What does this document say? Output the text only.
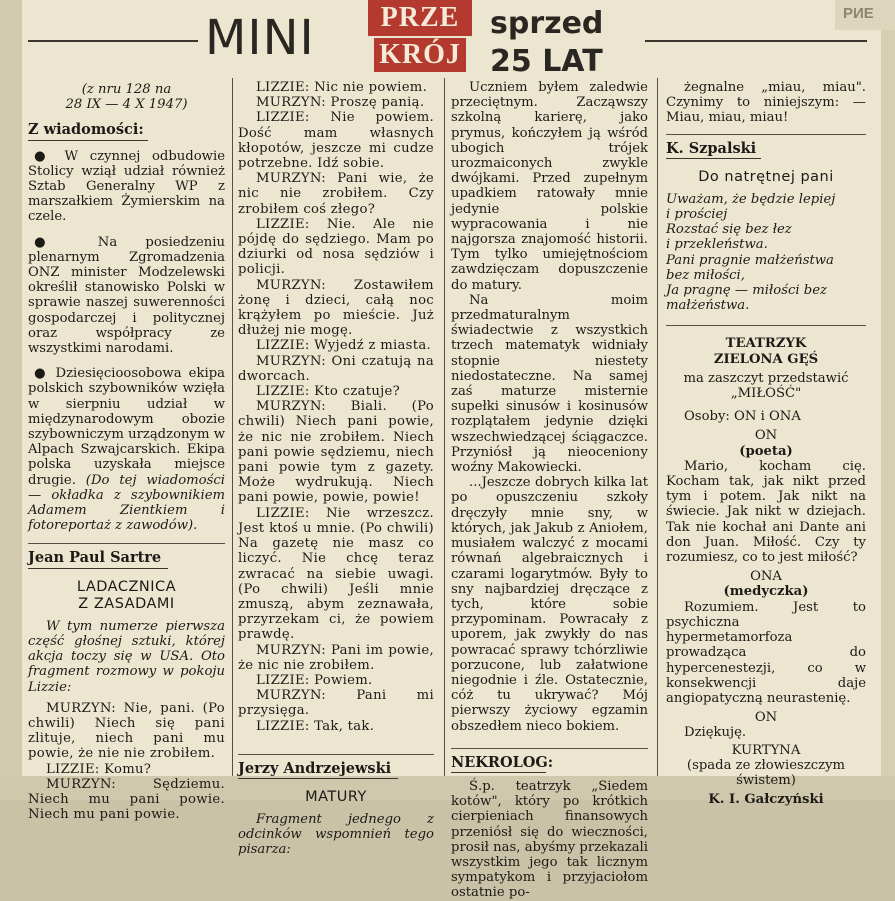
РИЕ
MINI	PRZE
KRÓJ
sprzed
25 LAT

(z nru 128 na

28 IX — 4 X 1947)

Z wiadomości:

● W czynnej odbudowie Stolicy wziął udział również Sztab Generalny WP z marszałkiem Żymierskim na czele.

● Na posiedzeniu plenarnym Zgromadzenia ONZ minister Modzelewski określił stanowisko Polski w sprawie naszej suwerenności gospodarczej i politycznej oraz współpracy ze wszystkimi narodami.

● Dziesięcioosobowa ekipa polskich szybowników wzięła w sierpniu udział w międzynarodowym obozie szybowniczym urządzonym w Alpach Szwajcarskich. Ekipa polska uzyskała miejsce drugie. (Do tej wiadomości — okładka z szybownikiem Adamem Zientkiem i fotoreportaż z zawodów).

Jean Paul Sartre
LADACZNICA
Z ZASADAMI

W tym numerze pierwsza część głośnej sztuki, której akcja toczy się w USA. Oto fragment rozmowy w pokoju Lizzie:

MURZYN: Nie, pani. (Po chwili) Niech się pani zlituje, niech pani mu powie, że nie nie zrobiłem.

LIZZIE: Komu?

MURZYN: Sędziemu. Niech mu pani powie. Niech mu pani powie.

LIZZIE: Nic nie powiem.

MURZYN: Proszę panią.

LIZZIE: Nie powiem. Dość mam własnych kłopotów, jeszcze mi cudze potrzebne. Idź sobie.

MURZYN: Pani wie, że nic nie zrobiłem. Czy zrobiłem coś złego?

LIZZIE: Nie. Ale nie pójdę do sędziego. Mam po dziurki od nosa sędziów i policji.

MURZYN: Zostawiłem żonę i dzieci, całą noc krążyłem po mieście. Już dłużej nie mogę.

LIZZIE: Wyjedź z miasta.

MURZYN: Oni czatują na dworcach.

LIZZIE: Kto czatuje?

MURZYN: Biali. (Po chwili) Niech pani powie, że nic nie zrobiłem. Niech pani powie sędziemu, niech pani powie tym z gazety. Może wydrukują. Niech pani powie, powie, powie!

LIZZIE: Nie wrzeszcz. Jest ktoś u mnie. (Po chwili) Na gazetę nie masz co liczyć. Nie chcę teraz zwracać na siebie uwagi. (Po chwili) Jeśli mnie zmuszą, abym zeznawała, przyrzekam ci, że powiem prawdę.

MURZYN: Pani im powie, że nic nie zrobiłem.

LIZZIE: Powiem.

MURZYN: Pani mi przysięga.

LIZZIE: Tak, tak.

Jerzy Andrzejewski
MATURY

Fragment jednego z odcinków wspomnień tego pisarza:

Uczniem byłem zaledwie przeciętnym. Zacząwszy szkolną karierę, jako prymus, kończyłem ją wśród ubogich trójek urozmaiconych zwykle dwójkami. Przed zupełnym upadkiem ratowały mnie jedynie polskie wypracowania i nie najgorsza znajomość historii. Tym tylko umiejętnościom zawdzięczam dopuszczenie do matury.

Na moim przedmaturalnym świadectwie z wszystkich trzech matematyk widniały stopnie niestety niedostateczne. Na samej zaś maturze misternie supełki sinusów i kosinusów rozplątałem jedynie dzięki wszechwiedzącej ściągaczce. Przyniósł ją nieocenionу woźny Makowiecki.

...Jeszcze dobrych kilka lat po opuszczeniu szkoły dręczyły mnie sny, w których, jak Jakub z Aniołem, musiałem walczyć z mocami równań algebraicznych i czarami logarytmów. Były to sny najbardziej dręczące z tych, które sobie przypominam. Powracały z uporem, jak zwykły do nas powracać sprawy tchórzliwie porzucone, lub załatwione niegodnie i źle. Ostatecznie, cóż tu ukrywać? Mój pierwszy życiowy egzamin obszedłem nieco bokiem.

NEKROLOG:

Ś.p. teatrzyk „Siedem kotów", który po krótkich cierpieniach finansowych przeniósł się do wieczności, prosił nas, abyśmy przekazali wszystkim jego tak licznym sympatykom i przyjaciołom ostatnie po-

żegnalne „miau, miau". Czynimy to niniejszym: — Miau, miau, miau!

K. Szpalski
Do natrętnej pani

Uważam, że będzie lepiej

i prościej

Rozstać się bez łez

i przekleństwa.

Pani pragnie małżeństwa

bez miłości,

Ja pragnę — miłości bez

małżeństwa.

TEATRZYK

ZIELONA GĘŚ

ma zaszczyt przedstawić

„MIŁOŚĆ"

Osoby: ON i ONA

ON

(poeta)

Mario, kocham cię. Kocham tak, jak nikt przed tym i potem. Jak nikt na świecie. Jak nikt w dziejach. Tak nie kochał ani Dante ani don Juan. Miłość. Czy ty rozumiesz, co to jest miłość?

ONA

(medyczka)

Rozumiem. Jest to psychiczna hypermetamorfoza prowadząca do hypercenestezji, co w konsekwencji daje angiopatyczną neurastenię.

ON

Dziękuję.

KURTYNA

(spada ze złowieszczym świstem)

K. I. Gałczyński
